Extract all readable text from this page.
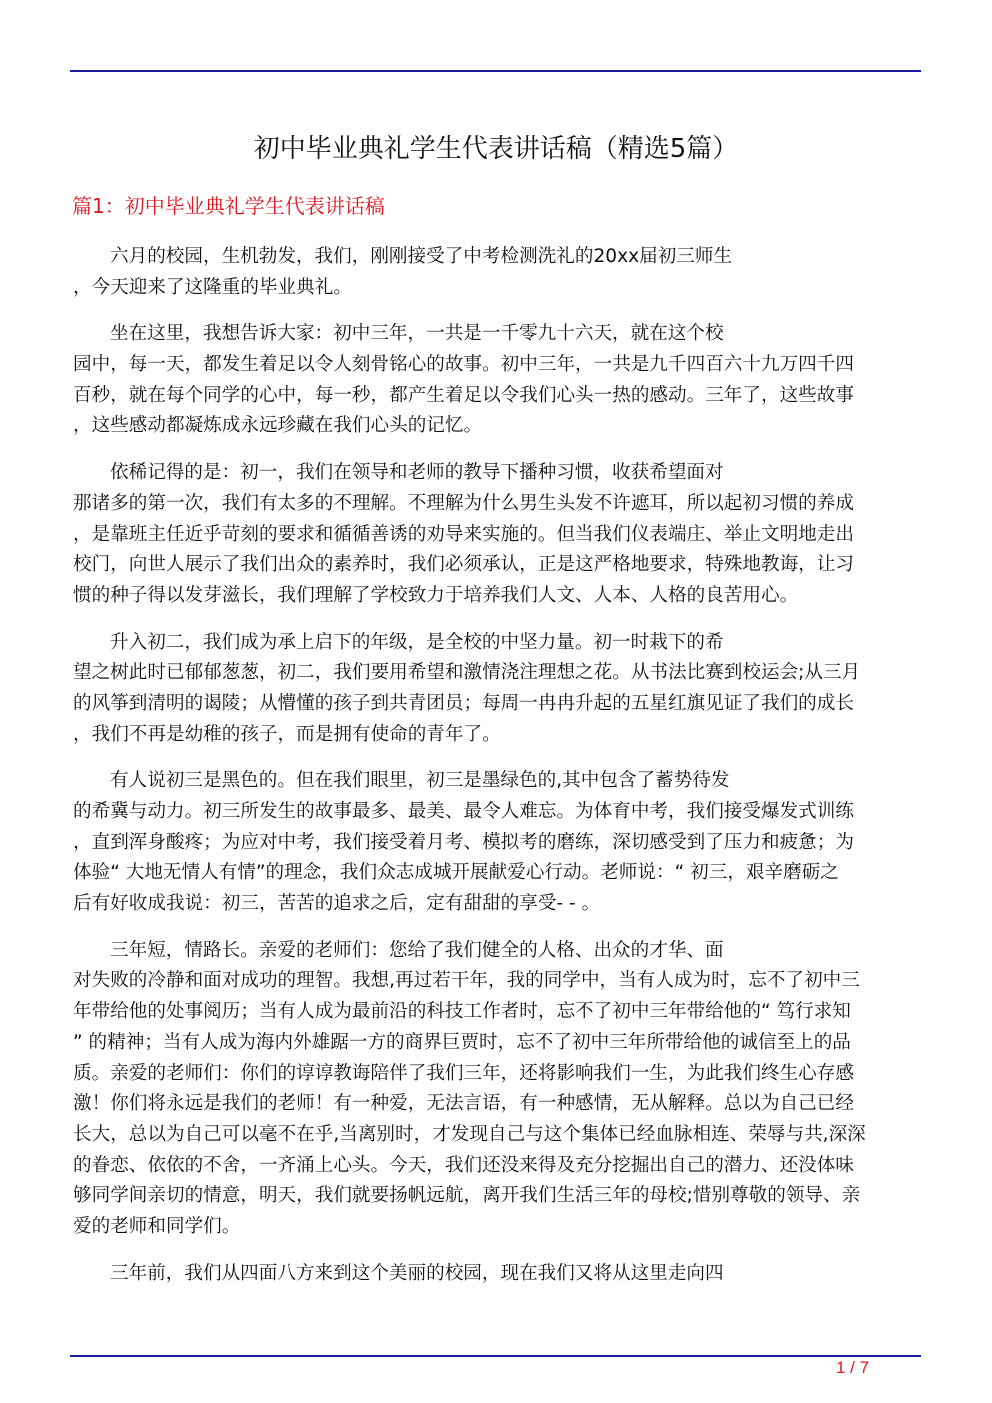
初中毕业典礼学生代表讲话稿（精选5篇）
篇1：初中毕业典礼学生代表讲话稿
六月的校园，生机勃发，我们，刚刚接受了中考检测洗礼的20xx届初三师生
，今天迎来了这隆重的毕业典礼。
坐在这里，我想告诉大家：初中三年，一共是一千零九十六天，就在这个校
园中，每一天，都发生着足以令人刻骨铭心的故事。初中三年，一共是九千四百六十九万四千四
百秒，就在每个同学的心中，每一秒，都产生着足以令我们心头一热的感动。三年了，这些故事
，这些感动都凝炼成永远珍藏在我们心头的记忆。
依稀记得的是：初一，我们在领导和老师的教导下播种习惯，收获希望面对
那诸多的第一次，我们有太多的不理解。不理解为什么男生头发不许遮耳，所以起初习惯的养成
，是靠班主任近乎苛刻的要求和循循善诱的劝导来实施的。但当我们仪表端庄、举止文明地走出
校门，向世人展示了我们出众的素养时，我们必须承认，正是这严格地要求，特殊地教诲，让习
惯的种子得以发芽滋长，我们理解了学校致力于培养我们人文、人本、人格的良苦用心。
升入初二，我们成为承上启下的年级，是全校的中坚力量。初一时栽下的希
望之树此时已郁郁葱葱，初二，我们要用希望和激情浇注理想之花。从书法比赛到校运会;从三月
的风筝到清明的谒陵；从懵懂的孩子到共青团员；每周一冉冉升起的五星红旗见证了我们的成长
，我们不再是幼稚的孩子，而是拥有使命的青年了。
有人说初三是黑色的。但在我们眼里，初三是墨绿色的,其中包含了蓄势待发
的希冀与动力。初三所发生的故事最多、最美、最令人难忘。为体育中考，我们接受爆发式训练
，直到浑身酸疼；为应对中考，我们接受着月考、模拟考的磨练，深切感受到了压力和疲惫；为
体验“ 大地无情人有情”的理念，我们众志成城开展献爱心行动。老师说：“ 初三，艰辛磨砺之
后有好收成我说：初三，苦苦的追求之后，定有甜甜的享受- - 。
三年短，情路长。亲爱的老师们：您给了我们健全的人格、出众的才华、面
对失败的冷静和面对成功的理智。我想,再过若干年，我的同学中，当有人成为时，忘不了初中三
年带给他的处事阅历；当有人成为最前沿的科技工作者时，忘不了初中三年带给他的“ 笃行求知
” 的精神；当有人成为海内外雄踞一方的商界巨贾时，忘不了初中三年所带给他的诚信至上的品
质。亲爱的老师们：你们的谆谆教诲陪伴了我们三年，还将影响我们一生，为此我们终生心存感
激！你们将永远是我们的老师！有一种爱，无法言语，有一种感情，无从解释。总以为自己已经
长大，总以为自己可以毫不在乎,当离别时，才发现自己与这个集体已经血脉相连、荣辱与共,深深
的眷恋、依依的不舍，一齐涌上心头。今天，我们还没来得及充分挖掘出自己的潜力、还没体味
够同学间亲切的情意，明天，我们就要扬帆远航，离开我们生活三年的母校;惜别尊敬的领导、亲
爱的老师和同学们。
三年前，我们从四面八方来到这个美丽的校园，现在我们又将从这里走向四
1 / 7
